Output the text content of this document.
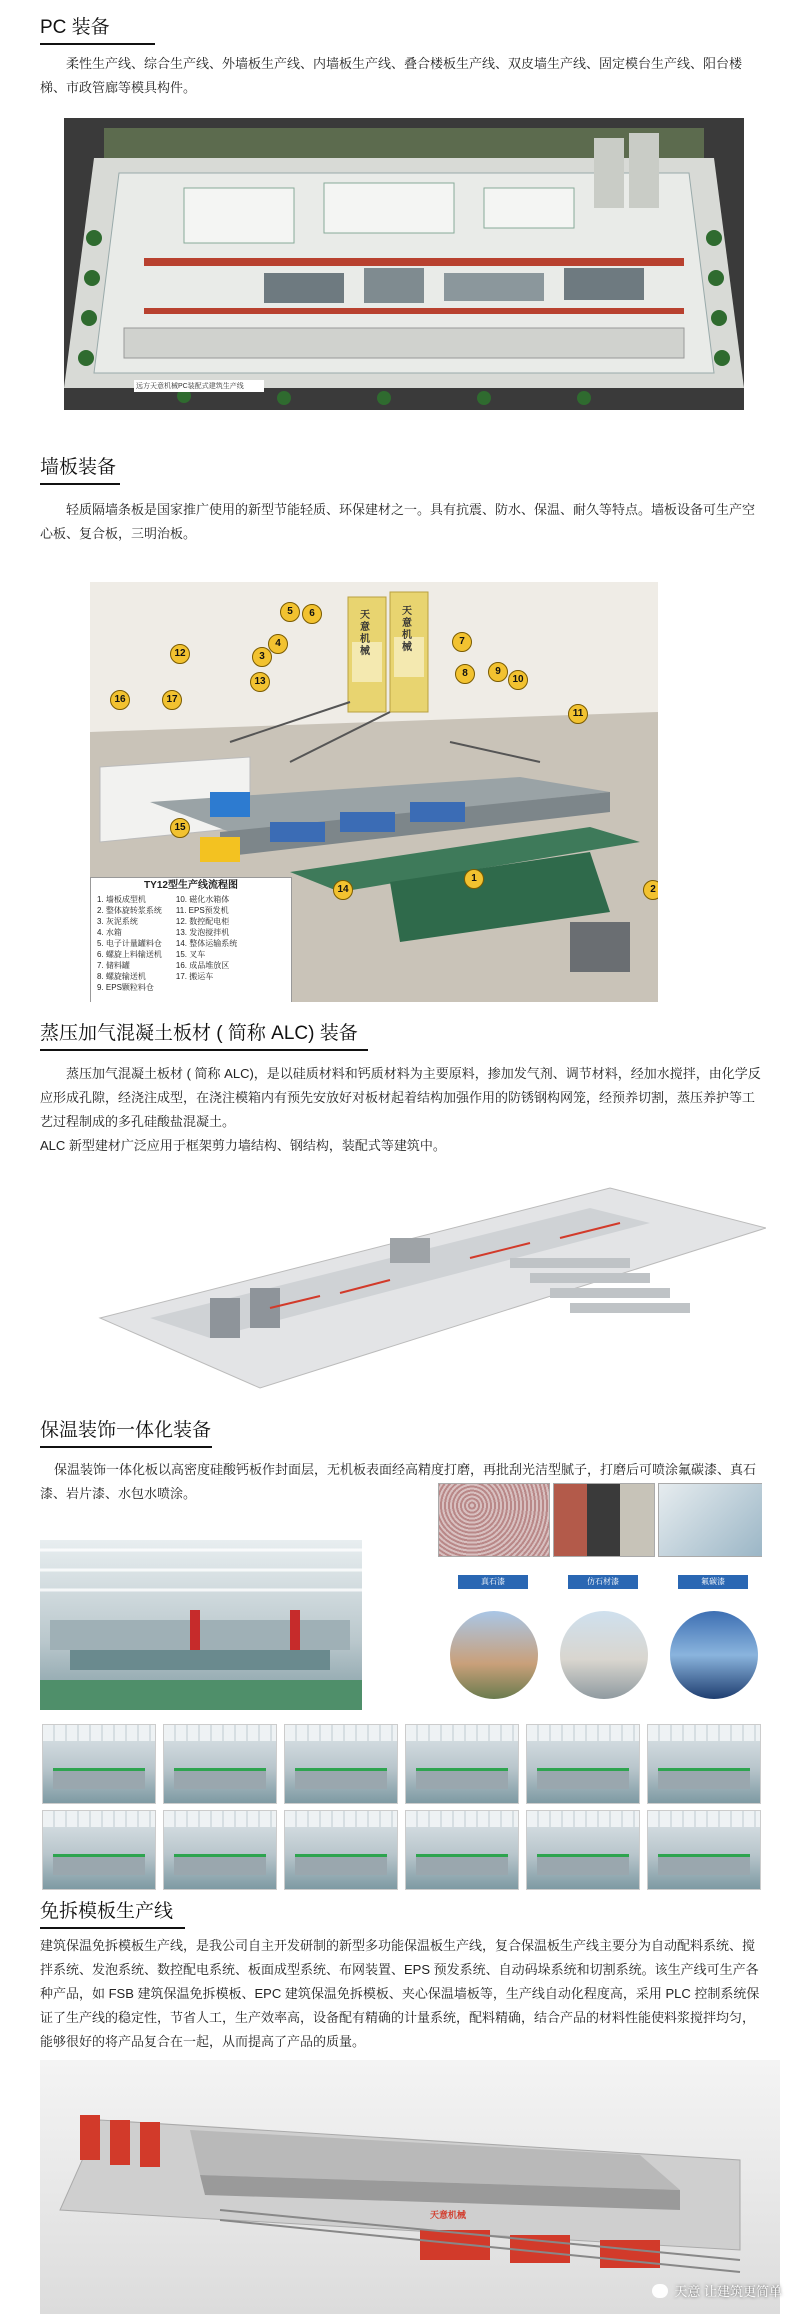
PC 装备

柔性生产线、综合生产线、外墙板生产线、内墙板生产线、叠合楼板生产线、双皮墙生产线、固定模台生产线、阳台楼梯、市政管廊等模具构件。

远方天意机械PC装配式建筑生产线
墙板装备

轻质隔墙条板是国家推广使用的新型节能轻质、环保建材之一。具有抗震、防水、保温、耐久等特点。墙板设备可生产空心板、复合板，三明治板。

天意机械
天意机械
1
2
3
4
5	6
7
8	9
10
11
12
13
14
15
16	17
TY12型生产线流程图
1. 墙板成型机
2. 整体旋转浆系统
3. 灰泥系统
4. 水箱
5. 电子计量罐料仓
6. 螺旋上料输送机
7. 储料罐
8. 螺旋输送机
9. EPS颗粒料仓
10. 磁化水箱体
11. EPS预发机
12. 数控配电柜
13. 发泡搅拌机
14. 整体运输系统
15. 叉车
16. 成品堆放区
17. 搬运车
蒸压加气混凝土板材 ( 简称 ALC) 装备

蒸压加气混凝土板材 ( 简称 ALC)，是以硅质材料和钙质材料为主要原料，掺加发气剂、调节材料，经加水搅拌，由化学反应形成孔隙，经浇注成型，在浇注模箱内有预先安放好对板材起着结构加强作用的防锈钢构网笼，经预养切割，蒸压养护等工艺过程制成的多孔硅酸盐混凝土。

ALC 新型建材广泛应用于框架剪力墙结构、钢结构，装配式等建筑中。

保温装饰一体化装备

保温装饰一体化板以高密度硅酸钙板作封面层，无机板表面经高精度打磨，再批刮光洁型腻子，打磨后可喷涂氟碳漆、真石漆、岩片漆、水包水喷涂。

真石漆	仿石材漆	氟碳漆
免拆模板生产线

建筑保温免拆模板生产线，是我公司自主开发研制的新型多功能保温板生产线，复合保温板生产线主要分为自动配料系统、搅拌系统、发泡系统、数控配电系统、板面成型系统、布网装置、EPS 预发系统、自动码垛系统和切割系统。该生产线可生产各种产品，如 FSB 建筑保温免拆模板、EPC 建筑保温免拆模板、夹心保温墙板等，生产线自动化程度高，采用 PLC 控制系统保证了生产线的稳定性，节省人工，生产效率高，设备配有精确的计量系统，配料精确，结合产品的材料性能使料浆搅拌均匀，能够很好的将产品复合在一起，从而提高了产品的质量。

天意机械
天意 让建筑更简单
